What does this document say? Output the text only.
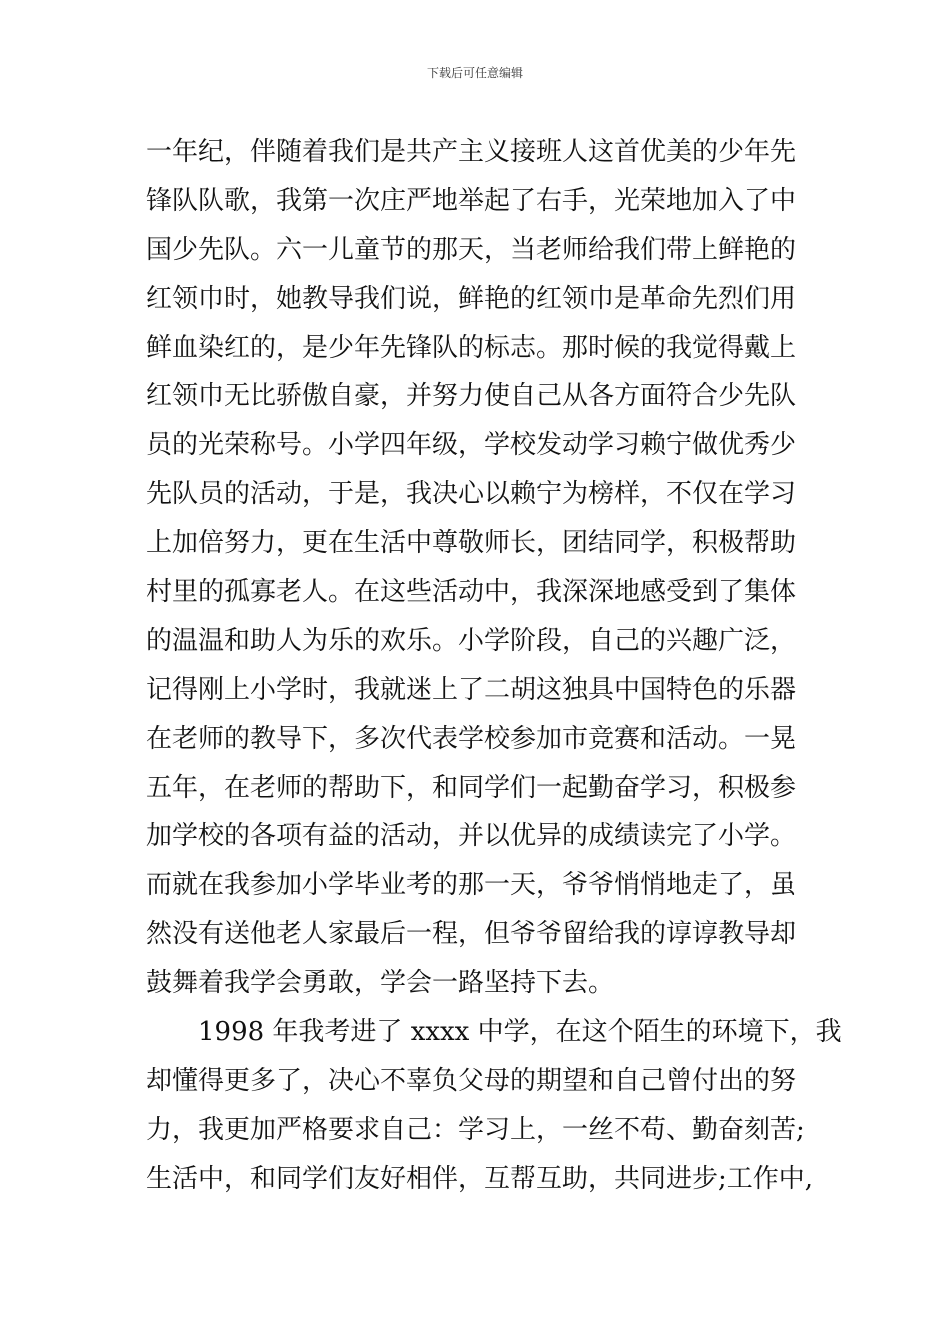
下载后可任意编辑
一年纪，伴随着我们是共产主义接班人这首优美的少年先
锋队队歌，我第一次庄严地举起了右手，光荣地加入了中
国少先队。六一儿童节的那天，当老师给我们带上鲜艳的
红领巾时，她教导我们说，鲜艳的红领巾是革命先烈们用
鲜血染红的，是少年先锋队的标志。那时候的我觉得戴上
红领巾无比骄傲自豪，并努力使自己从各方面符合少先队
员的光荣称号。小学四年级，学校发动学习赖宁做优秀少
先队员的活动，于是，我决心以赖宁为榜样，不仅在学习
上加倍努力，更在生活中尊敬师长，团结同学，积极帮助
村里的孤寡老人。在这些活动中，我深深地感受到了集体
的温温和助人为乐的欢乐。小学阶段，自己的兴趣广泛，
记得刚上小学时，我就迷上了二胡这独具中国特色的乐器
在老师的教导下，多次代表学校参加市竞赛和活动。一晃
五年，在老师的帮助下，和同学们一起勤奋学习，积极参
加学校的各项有益的活动，并以优异的成绩读完了小学。
而就在我参加小学毕业考的那一天，爷爷悄悄地走了，虽
然没有送他老人家最后一程，但爷爷留给我的谆谆教导却
鼓舞着我学会勇敢，学会一路坚持下去。
1998 年我考进了 xxxx 中学，在这个陌生的环境下，我
却懂得更多了，决心不辜负父母的期望和自己曾付出的努
力，我更加严格要求自己：学习上，一丝不苟、勤奋刻苦;
生活中，和同学们友好相伴，互帮互助，共同进步;工作中,
